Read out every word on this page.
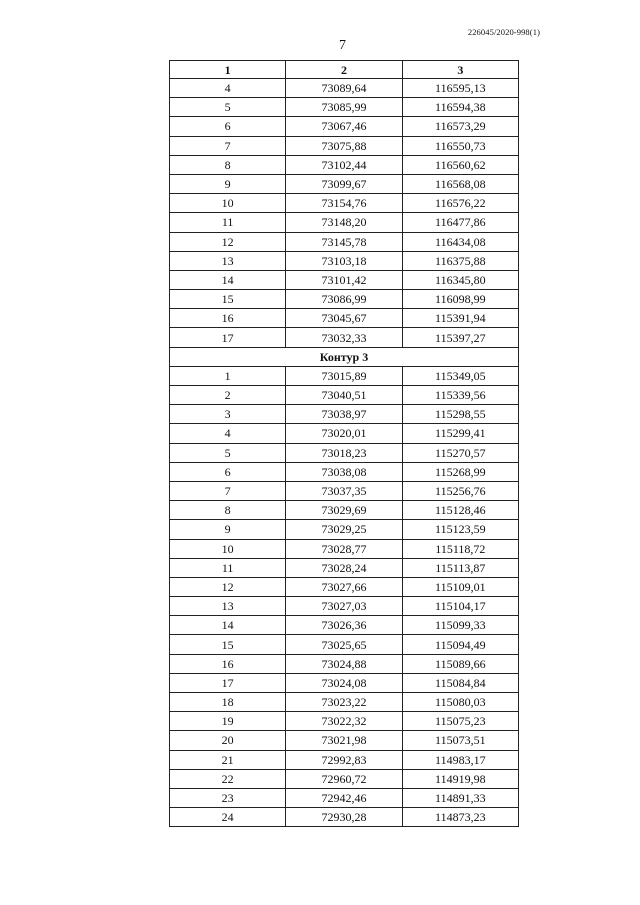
226045/2020-998(1)
7
1	2	3
4	73089,64	116595,13
5	73085,99	116594,38
6	73067,46	116573,29
7	73075,88	116550,73
8	73102,44	116560,62
9	73099,67	116568,08
10	73154,76	116576,22
11	73148,20	116477,86
12	73145,78	116434,08
13	73103,18	116375,88
14	73101,42	116345,80
15	73086,99	116098,99
16	73045,67	115391,94
17	73032,33	115397,27
Контур 3		
1	73015,89	115349,05
2	73040,51	115339,56
3	73038,97	115298,55
4	73020,01	115299,41
5	73018,23	115270,57
6	73038,08	115268,99
7	73037,35	115256,76
8	73029,69	115128,46
9	73029,25	115123,59
10	73028,77	115118,72
11	73028,24	115113,87
12	73027,66	115109,01
13	73027,03	115104,17
14	73026,36	115099,33
15	73025,65	115094,49
16	73024,88	115089,66
17	73024,08	115084,84
18	73023,22	115080,03
19	73022,32	115075,23
20	73021,98	115073,51
21	72992,83	114983,17
22	72960,72	114919,98
23	72942,46	114891,33
24	72930,28	114873,23
